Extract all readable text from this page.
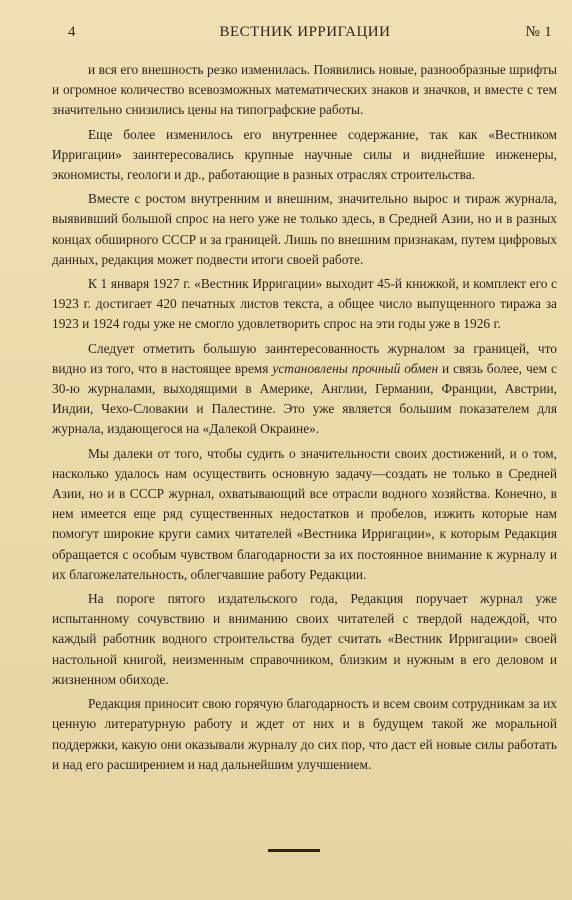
4	ВЕСТНИК ИРРИГАЦИИ	№ 1

и вся его внешность резко изменилась. Появились новые, разнообразные шрифты и огромное количество всевозможных математических знаков и значков, и вместе с тем значительно снизились цены на типографские работы.

Еще более изменилось его внутреннее содержание, так как «Вестником Ирригации» заинтересовались крупные научные силы и виднейшие инженеры, экономисты, геологи и др., работающие в разных отраслях строительства.

Вместе с ростом внутренним и внешним, значительно вырос и тираж журнала, выявивший большой спрос на него уже не только здесь, в Средней Азии, но и в разных концах обширного СССР и за границей. Лишь по внешним признакам, путем цифровых данных, редакция может подвести итоги своей работе.

К 1 января 1927 г. «Вестник Ирригации» выходит 45-й книжкой, и комплект его с 1923 г. достигает 420 печатных листов текста, а общее число выпущенного тиража за 1923 и 1924 годы уже не смогло удовлетворить спрос на эти годы уже в 1926 г.

Следует отметить большую заинтересованность журналом за границей, что видно из того, что в настоящее время установлены прочный обмен и связь более, чем с 30-ю журналами, выходящими в Америке, Англии, Германии, Франции, Австрии, Индии, Чехо-Словакии и Палестине. Это уже является большим показателем для журнала, издающегося на «Далекой Окраине».

Мы далеки от того, чтобы судить о значительности своих достижений, и о том, насколько удалось нам осуществить основную задачу—создать не только в Средней Азии, но и в СССР журнал, охватывающий все отрасли водного хозяйства. Конечно, в нем имеется еще ряд существенных недостатков и пробелов, изжить которые нам помогут широкие круги самих читателей «Вестника Ирригации», к которым Редакция обращается с особым чувством благодарности за их постоянное внимание к журналу и их благожелательность, облегчавшие работу Редакции.

На пороге пятого издательского года, Редакция поручает журнал уже испытанному сочувствию и вниманию своих читателей с твердой надеждой, что каждый работник водного строительства будет считать «Вестник Ирригации» своей настольной книгой, неизменным справочником, близким и нужным в его деловом и жизненном обиходе.

Редакция приносит свою горячую благодарность и всем своим сотрудникам за их ценную литературную работу и ждет от них и в будущем такой же моральной поддержки, какую они оказывали журналу до сих пор, что даст ей новые силы работать и над его расширением и над дальнейшим улучшением.
